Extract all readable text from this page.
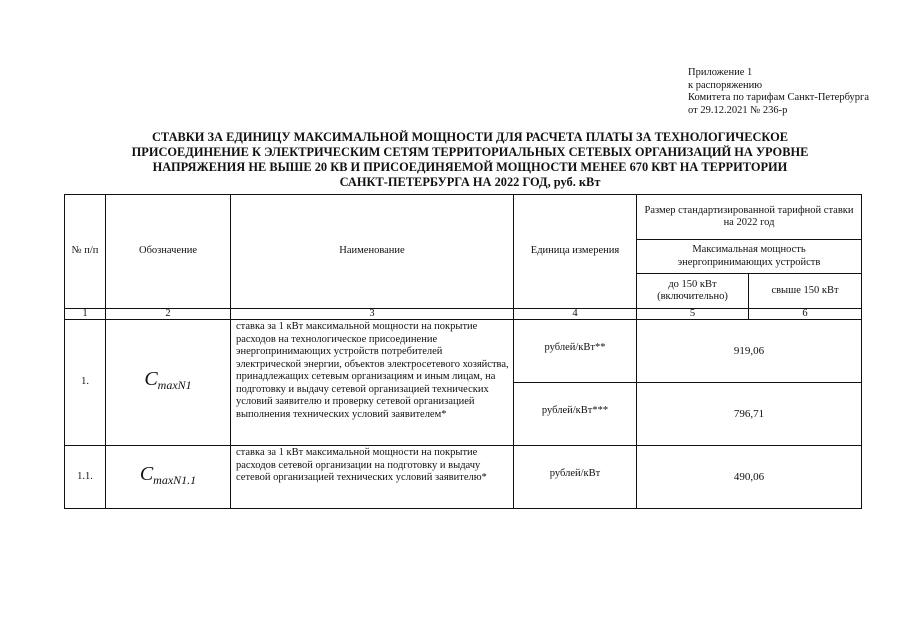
Приложение 1
к распоряжению
Комитета по тарифам Санкт-Петербурга
от 29.12.2021 № 236-р
СТАВКИ ЗА ЕДИНИЦУ МАКСИМАЛЬНОЙ МОЩНОСТИ ДЛЯ РАСЧЕТА ПЛАТЫ ЗА ТЕХНОЛОГИЧЕСКОЕ
ПРИСОЕДИНЕНИЕ К ЭЛЕКТРИЧЕСКИМ СЕТЯМ ТЕРРИТОРИАЛЬНЫХ СЕТЕВЫХ ОРГАНИЗАЦИЙ НА УРОВНЕ
НАПРЯЖЕНИЯ НЕ ВЫШЕ 20 КВ И ПРИСОЕДИНЯЕМОЙ МОЩНОСТИ МЕНЕЕ 670 КВТ НА ТЕРРИТОРИИ
САНКТ-ПЕТЕРБУРГА НА 2022 ГОД, руб. кВт
№ п/п	Обозначение	Наименование	Единица измерения	Размер стандартизированной тарифной ставки на 2022 год	
				Максимальная мощность энергопринимающих устройств	
				до 150 кВт (включительно)	свыше 150 кВт
1	2	3	4	5	6
1.	$C_{maxN1}$	ставка за 1 кВт максимальной мощности на покрытие расходов на технологическое присоединение энергопринимающих устройств потребителей электрической энергии, объектов электросетевого хозяйства, принадлежащих сетевым организациям и иным лицам, на подготовку и выдачу сетевой организацией технических условий заявителю и проверку сетевой организацией выполнения технических условий заявителем*	рублей/кВт**	919,06	
			рублей/кВт***	796,71	
1.1.	$C_{maxN1.1}$	ставка за 1 кВт максимальной мощности на покрытие расходов сетевой организации на подготовку и выдачу сетевой организацией технических условий заявителю*	рублей/кВт	490,06	
